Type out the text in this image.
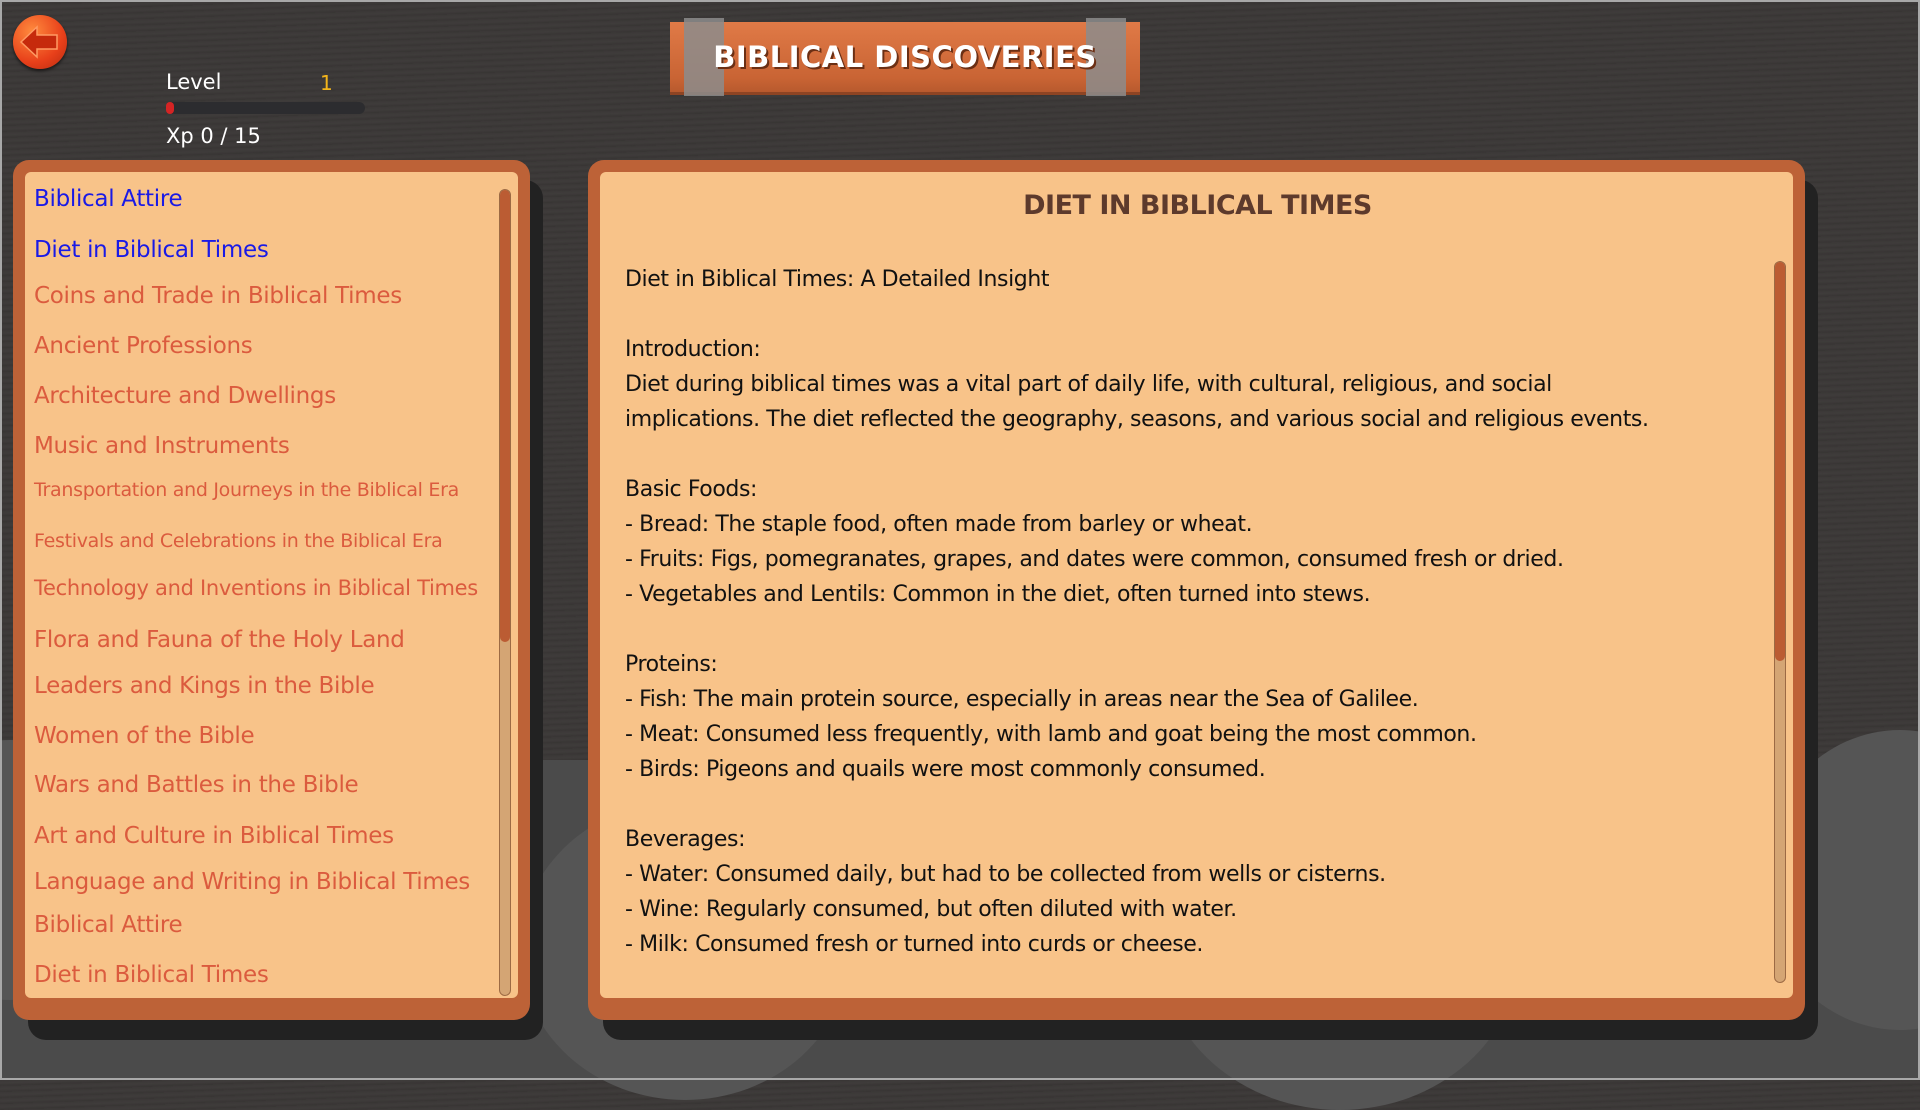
Level	1
Xp 0 / 15
BIBLICAL DISCOVERIES
Biblical Attire
Diet in Biblical Times
Coins and Trade in Biblical Times
Ancient Professions
Architecture and Dwellings
Music and Instruments
Transportation and Journeys in the Biblical Era
Festivals and Celebrations in the Biblical Era
Technology and Inventions in Biblical Times
Flora and Fauna of the Holy Land
Leaders and Kings in the Bible
Women of the Bible
Wars and Battles in the Bible
Art and Culture in Biblical Times
Language and Writing in Biblical Times
Biblical Attire
Diet in Biblical Times
DIET IN BIBLICAL TIMES
Diet in Biblical Times: A Detailed Insight
Introduction:
Diet during biblical times was a vital part of daily life, with cultural, religious, and social
implications. The diet reflected the geography, seasons, and various social and religious events.
Basic Foods:
- Bread: The staple food, often made from barley or wheat.
- Fruits: Figs, pomegranates, grapes, and dates were common, consumed fresh or dried.
- Vegetables and Lentils: Common in the diet, often turned into stews.
Proteins:
- Fish: The main protein source, especially in areas near the Sea of Galilee.
- Meat: Consumed less frequently, with lamb and goat being the most common.
- Birds: Pigeons and quails were most commonly consumed.
Beverages:
- Water: Consumed daily, but had to be collected from wells or cisterns.
- Wine: Regularly consumed, but often diluted with water.
- Milk: Consumed fresh or turned into curds or cheese.
